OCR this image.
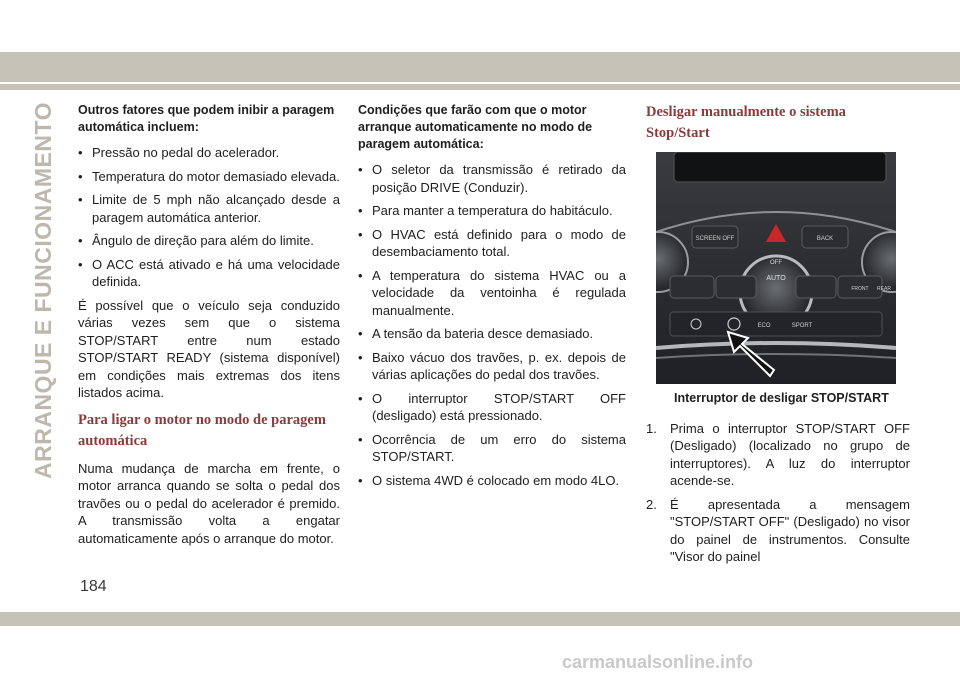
ARRANQUE E FUNCIONAMENTO Outros fatores que podem inibir a paragem automática incluem:
• Pressão no pedal do acelerador.
• Temperatura do motor demasiado elevada.
• Limite de 5 mph não alcançado desde a paragem automática anterior.
• Ângulo de direção para além do limite.
• O ACC está ativado e há uma velocidade definida.

É possível que o veículo seja conduzido várias vezes sem que o sistema STOP/START entre num estado STOP/START READY (sistema disponível) em condições mais extremas dos itens listados acima.

Para ligar o motor no modo de paragem automática

Numa mudança de marcha em frente, o motor arranca quando se solta o pedal dos travões ou o pedal do acelerador é premido. A transmissão volta a engatar automaticamente após o arranque do motor.

Condições que farão com que o motor arranque automaticamente no modo de paragem automática:
• O seletor da transmissão é retirado da posição DRIVE (Conduzir).
• Para manter a temperatura do habitáculo.
• O HVAC está definido para o modo de desembaciamento total.
• A temperatura do sistema HVAC ou a velocidade da ventoinha é regulada manualmente.
• A tensão da bateria desce demasiado.
• Baixo vácuo dos travões, p. ex. depois de várias aplicações do pedal dos travões.
• O interruptor STOP/START OFF (desligado) está pressionado.
• Ocorrência de um erro do sistema STOP/START.
• O sistema 4WD é colocado em modo 4LO.
Desligar manualmente o sistema Stop/Start
SCREEN OFF	BACK
OFF
AUTO
FRONT REAR
ECO	SPORT
Interruptor de desligar STOP/START
1. Prima o interruptor STOP/START OFF (Desligado) (localizado no grupo de interruptores). A luz do interruptor acende-se.
2. É apresentada a mensagem "STOP/START OFF" (Desligado) no visor do painel de instrumentos. Consulte "Visor do painel
184
carmanualsonline.info
